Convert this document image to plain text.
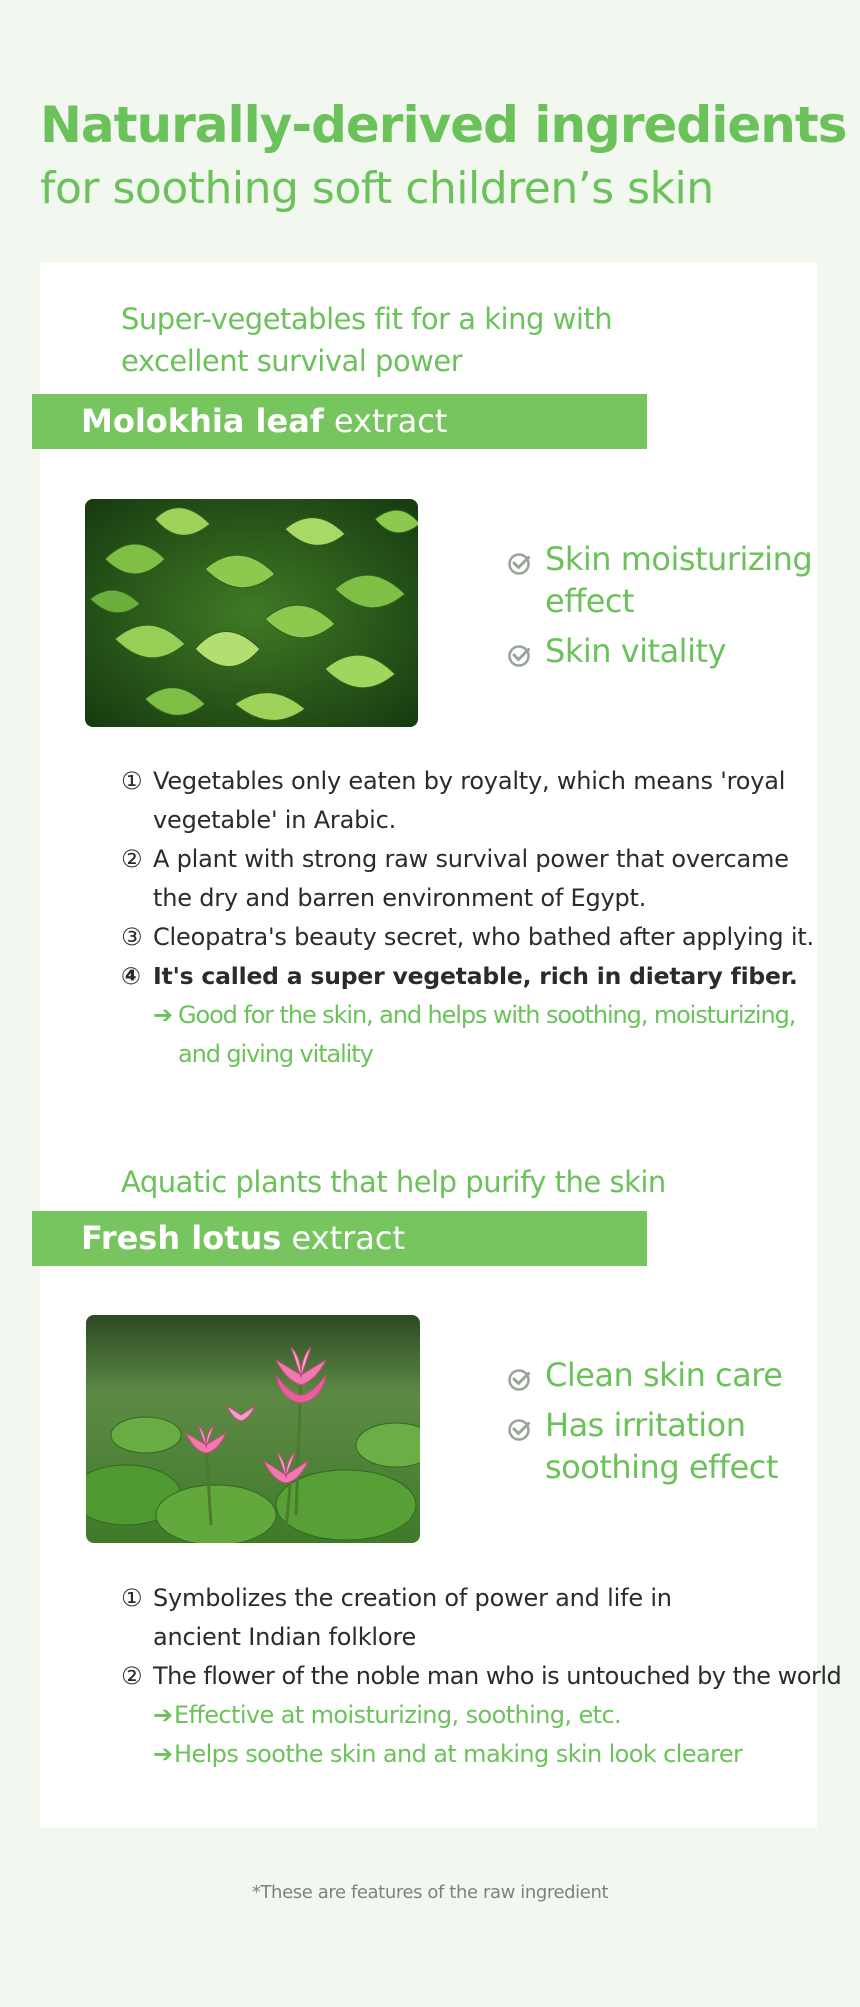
Naturally-derived ingredients
for soothing soft children’s skin
Super-vegetables fit for a king with
excellent survival power
Molokhia leaf extract
Skin moisturizing effect
Skin vitality
① Vegetables only eaten by royalty, which means 'royal vegetable' in Arabic.
② A plant with strong raw survival power that overcame the dry and barren environment of Egypt.
③ Cleopatra's beauty secret, who bathed after applying it.
④ It's called a super vegetable, rich in dietary fiber.
➔ Good for the skin, and helps with soothing, moisturizing, and giving vitality
Aquatic plants that help purify the skin
Fresh lotus extract
Clean skin care
Has irritation soothing effect
① Symbolizes the creation of power and life in ancient Indian folklore
② The flower of the noble man who is untouched by the world
➔ Effective at moisturizing, soothing, etc.
➔ Helps soothe skin and at making skin look clearer
*These are features of the raw ingredient
